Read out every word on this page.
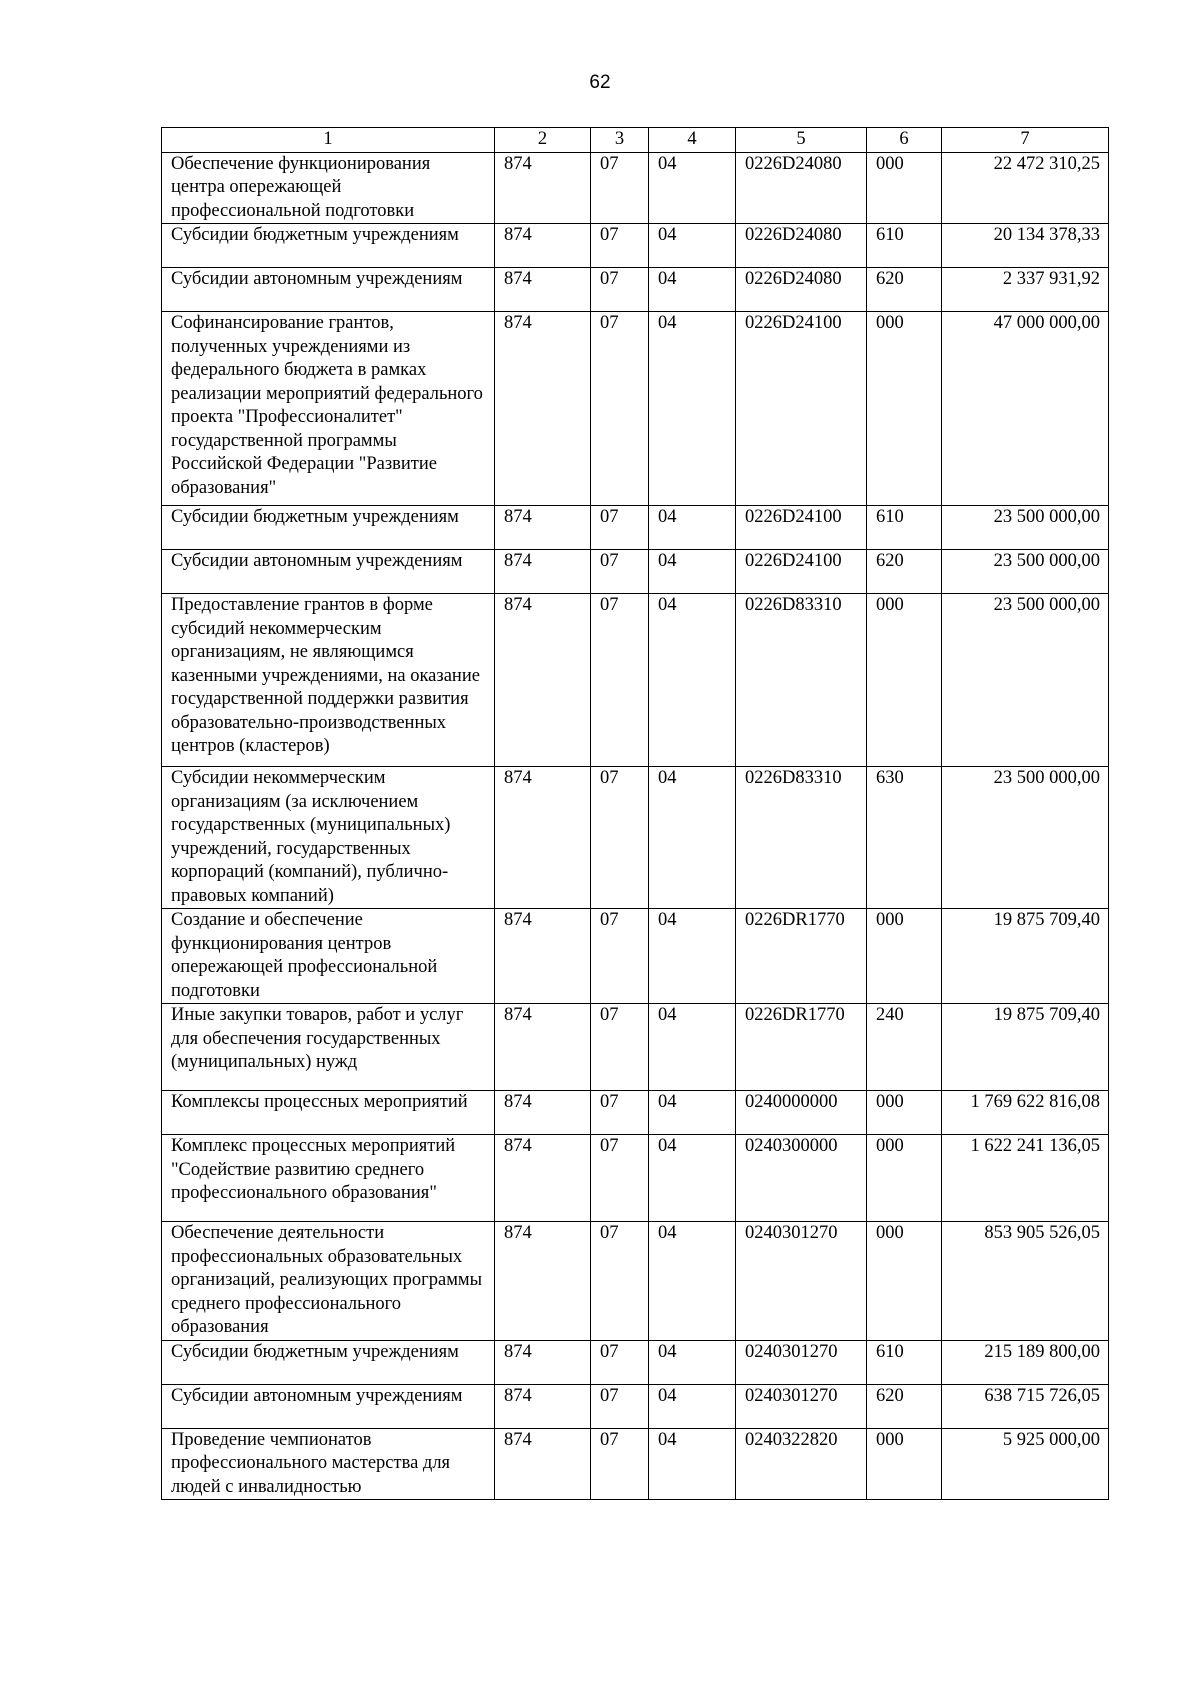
62
1	2	3	4	5	6	7
Обеспечение функционирования центра опережающей профессиональной подготовки	874	07	04	0226D24080	000	22 472 310,25
Субсидии бюджетным учреждениям	874	07	04	0226D24080	610	20 134 378,33
Субсидии автономным учреждениям	874	07	04	0226D24080	620	2 337 931,92
Софинансирование грантов, полученных учреждениями из федерального бюджета в рамках реализации мероприятий федерального проекта "Профессионалитет" государственной программы Российской Федерации "Развитие образования"	874	07	04	0226D24100	000	47 000 000,00
Субсидии бюджетным учреждениям	874	07	04	0226D24100	610	23 500 000,00
Субсидии автономным учреждениям	874	07	04	0226D24100	620	23 500 000,00
Предоставление грантов в форме субсидий некоммерческим организациям, не являющимся казенными учреждениями, на оказание государственной поддержки развития образовательно-производственных центров (кластеров)	874	07	04	0226D83310	000	23 500 000,00
Субсидии некоммерческим организациям (за исключением государственных (муниципальных) учреждений, государственных корпораций (компаний), публично-правовых компаний)	874	07	04	0226D83310	630	23 500 000,00
Создание и обеспечение функционирования центров опережающей профессиональной подготовки	874	07	04	0226DR1770	000	19 875 709,40
Иные закупки товаров, работ и услуг для обеспечения государственных (муниципальных) нужд	874	07	04	0226DR1770	240	19 875 709,40
Комплексы процессных мероприятий	874	07	04	0240000000	000	1 769 622 816,08
Комплекс процессных мероприятий "Содействие развитию среднего профессионального образования"	874	07	04	0240300000	000	1 622 241 136,05
Обеспечение деятельности профессиональных образовательных организаций, реализующих программы среднего профессионального образования	874	07	04	0240301270	000	853 905 526,05
Субсидии бюджетным учреждениям	874	07	04	0240301270	610	215 189 800,00
Субсидии автономным учреждениям	874	07	04	0240301270	620	638 715 726,05
Проведение чемпионатов профессионального мастерства для людей с инвалидностью	874	07	04	0240322820	000	5 925 000,00
